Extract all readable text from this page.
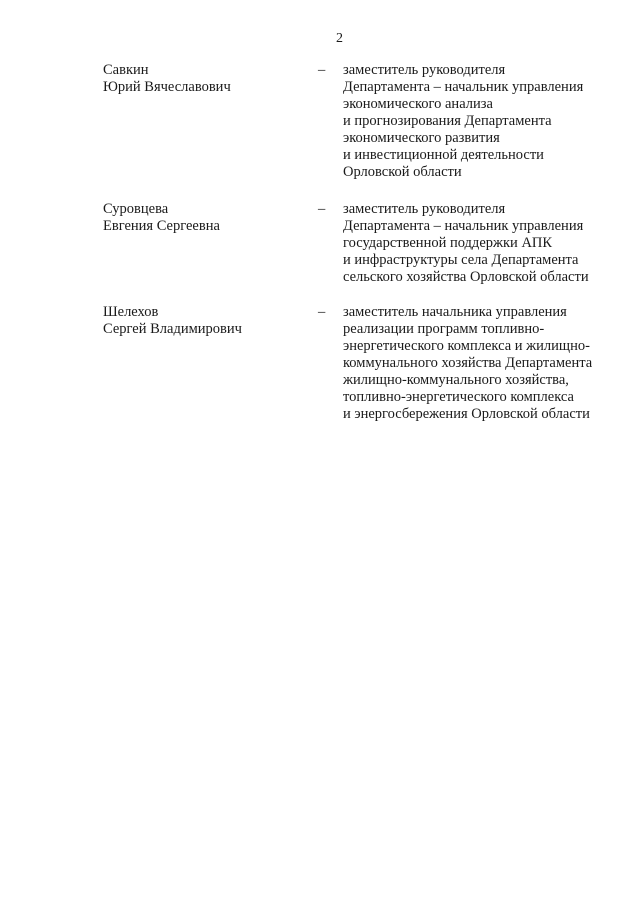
2
Савкин
Юрий Вячеславович
– заместитель руководителя
Департамента – начальник управления
экономического анализа
и прогнозирования Департамента
экономического развития
и инвестиционной деятельности
Орловской области
Суровцева
Евгения Сергеевна
– заместитель руководителя
Департамента – начальник управления
государственной поддержки АПК
и инфраструктуры села Департамента
сельского хозяйства Орловской области
Шелехов
Сергей Владимирович
– заместитель начальника управления
реализации программ топливно-
энергетического комплекса и жилищно-
коммунального хозяйства Департамента
жилищно-коммунального хозяйства,
топливно-энергетического комплекса
и энергосбережения Орловской области
